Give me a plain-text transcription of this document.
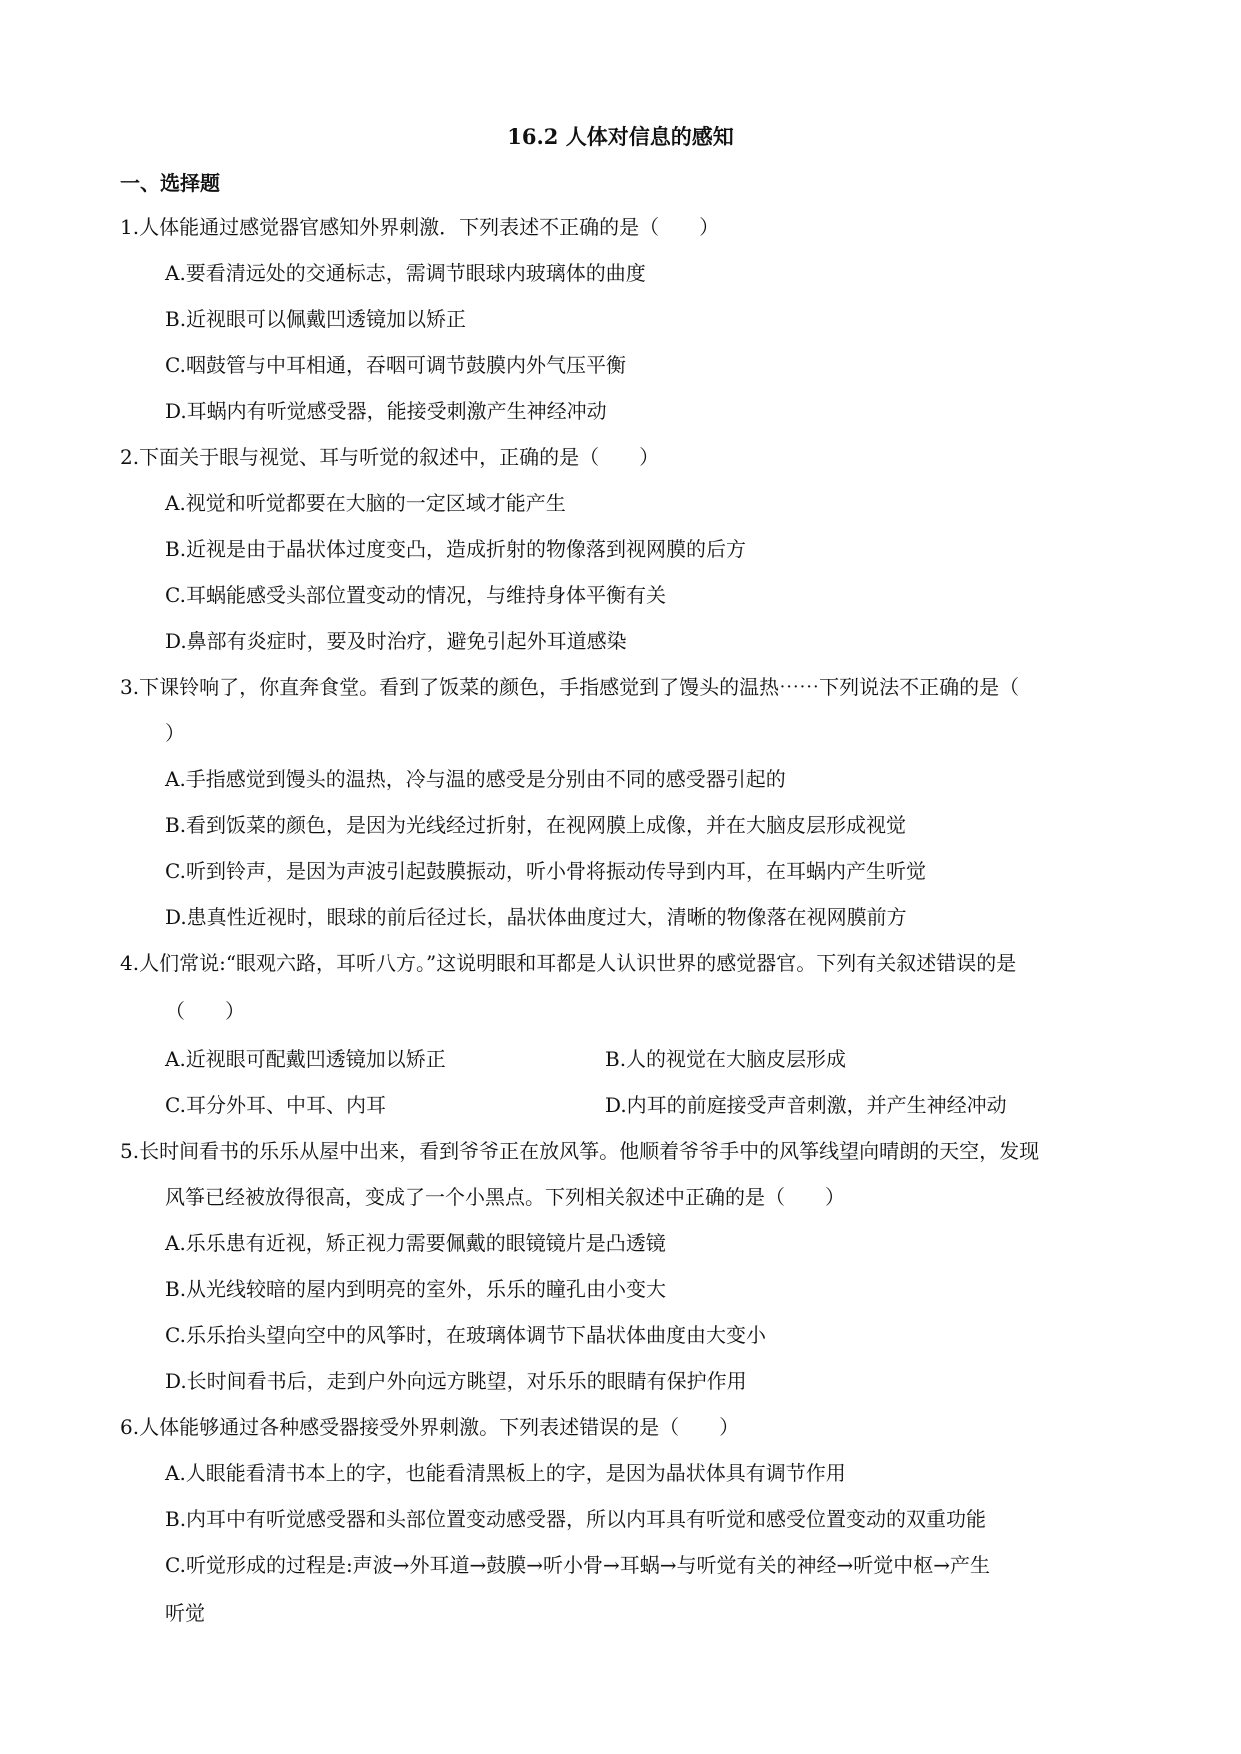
16.2 人体对信息的感知
一、选择题
1.人体能通过感觉器官感知外界刺激．下列表述不正确的是（　　）
A.要看清远处的交通标志，需调节眼球内玻璃体的曲度
B.近视眼可以佩戴凹透镜加以矫正
C.咽鼓管与中耳相通，吞咽可调节鼓膜内外气压平衡
D.耳蜗内有听觉感受器，能接受刺激产生神经冲动
2.下面关于眼与视觉、耳与听觉的叙述中，正确的是（　　）
A.视觉和听觉都要在大脑的一定区域才能产生
B.近视是由于晶状体过度变凸，造成折射的物像落到视网膜的后方
C.耳蜗能感受头部位置变动的情况，与维持身体平衡有关
D.鼻部有炎症时，要及时治疗，避免引起外耳道感染
3.下课铃响了，你直奔食堂。看到了饭菜的颜色，手指感觉到了馒头的温热⋯⋯下列说法不正确的是（
）
A.手指感觉到馒头的温热，冷与温的感受是分别由不同的感受器引起的
B.看到饭菜的颜色，是因为光线经过折射，在视网膜上成像，并在大脑皮层形成视觉
C.听到铃声，是因为声波引起鼓膜振动，听小骨将振动传导到内耳，在耳蜗内产生听觉
D.患真性近视时，眼球的前后径过长，晶状体曲度过大，清晰的物像落在视网膜前方
4.人们常说:“眼观六路，耳听八方。”这说明眼和耳都是人认识世界的感觉器官。下列有关叙述错误的是
（　　）
A.近视眼可配戴凹透镜加以矫正	B.人的视觉在大脑皮层形成
C.耳分外耳、中耳、内耳	D.内耳的前庭接受声音刺激，并产生神经冲动
5.长时间看书的乐乐从屋中出来，看到爷爷正在放风筝。他顺着爷爷手中的风筝线望向晴朗的天空，发现
风筝已经被放得很高，变成了一个小黑点。下列相关叙述中正确的是（　　）
A.乐乐患有近视，矫正视力需要佩戴的眼镜镜片是凸透镜
B.从光线较暗的屋内到明亮的室外，乐乐的瞳孔由小变大
C.乐乐抬头望向空中的风筝时，在玻璃体调节下晶状体曲度由大变小
D.长时间看书后，走到户外向远方眺望，对乐乐的眼睛有保护作用
6.人体能够通过各种感受器接受外界刺激。下列表述错误的是（　　）
A.人眼能看清书本上的字，也能看清黑板上的字，是因为晶状体具有调节作用
B.内耳中有听觉感受器和头部位置变动感受器，所以内耳具有听觉和感受位置变动的双重功能
C.听觉形成的过程是:声波→外耳道→鼓膜→听小骨→耳蜗→与听觉有关的神经→听觉中枢→产生
听觉
